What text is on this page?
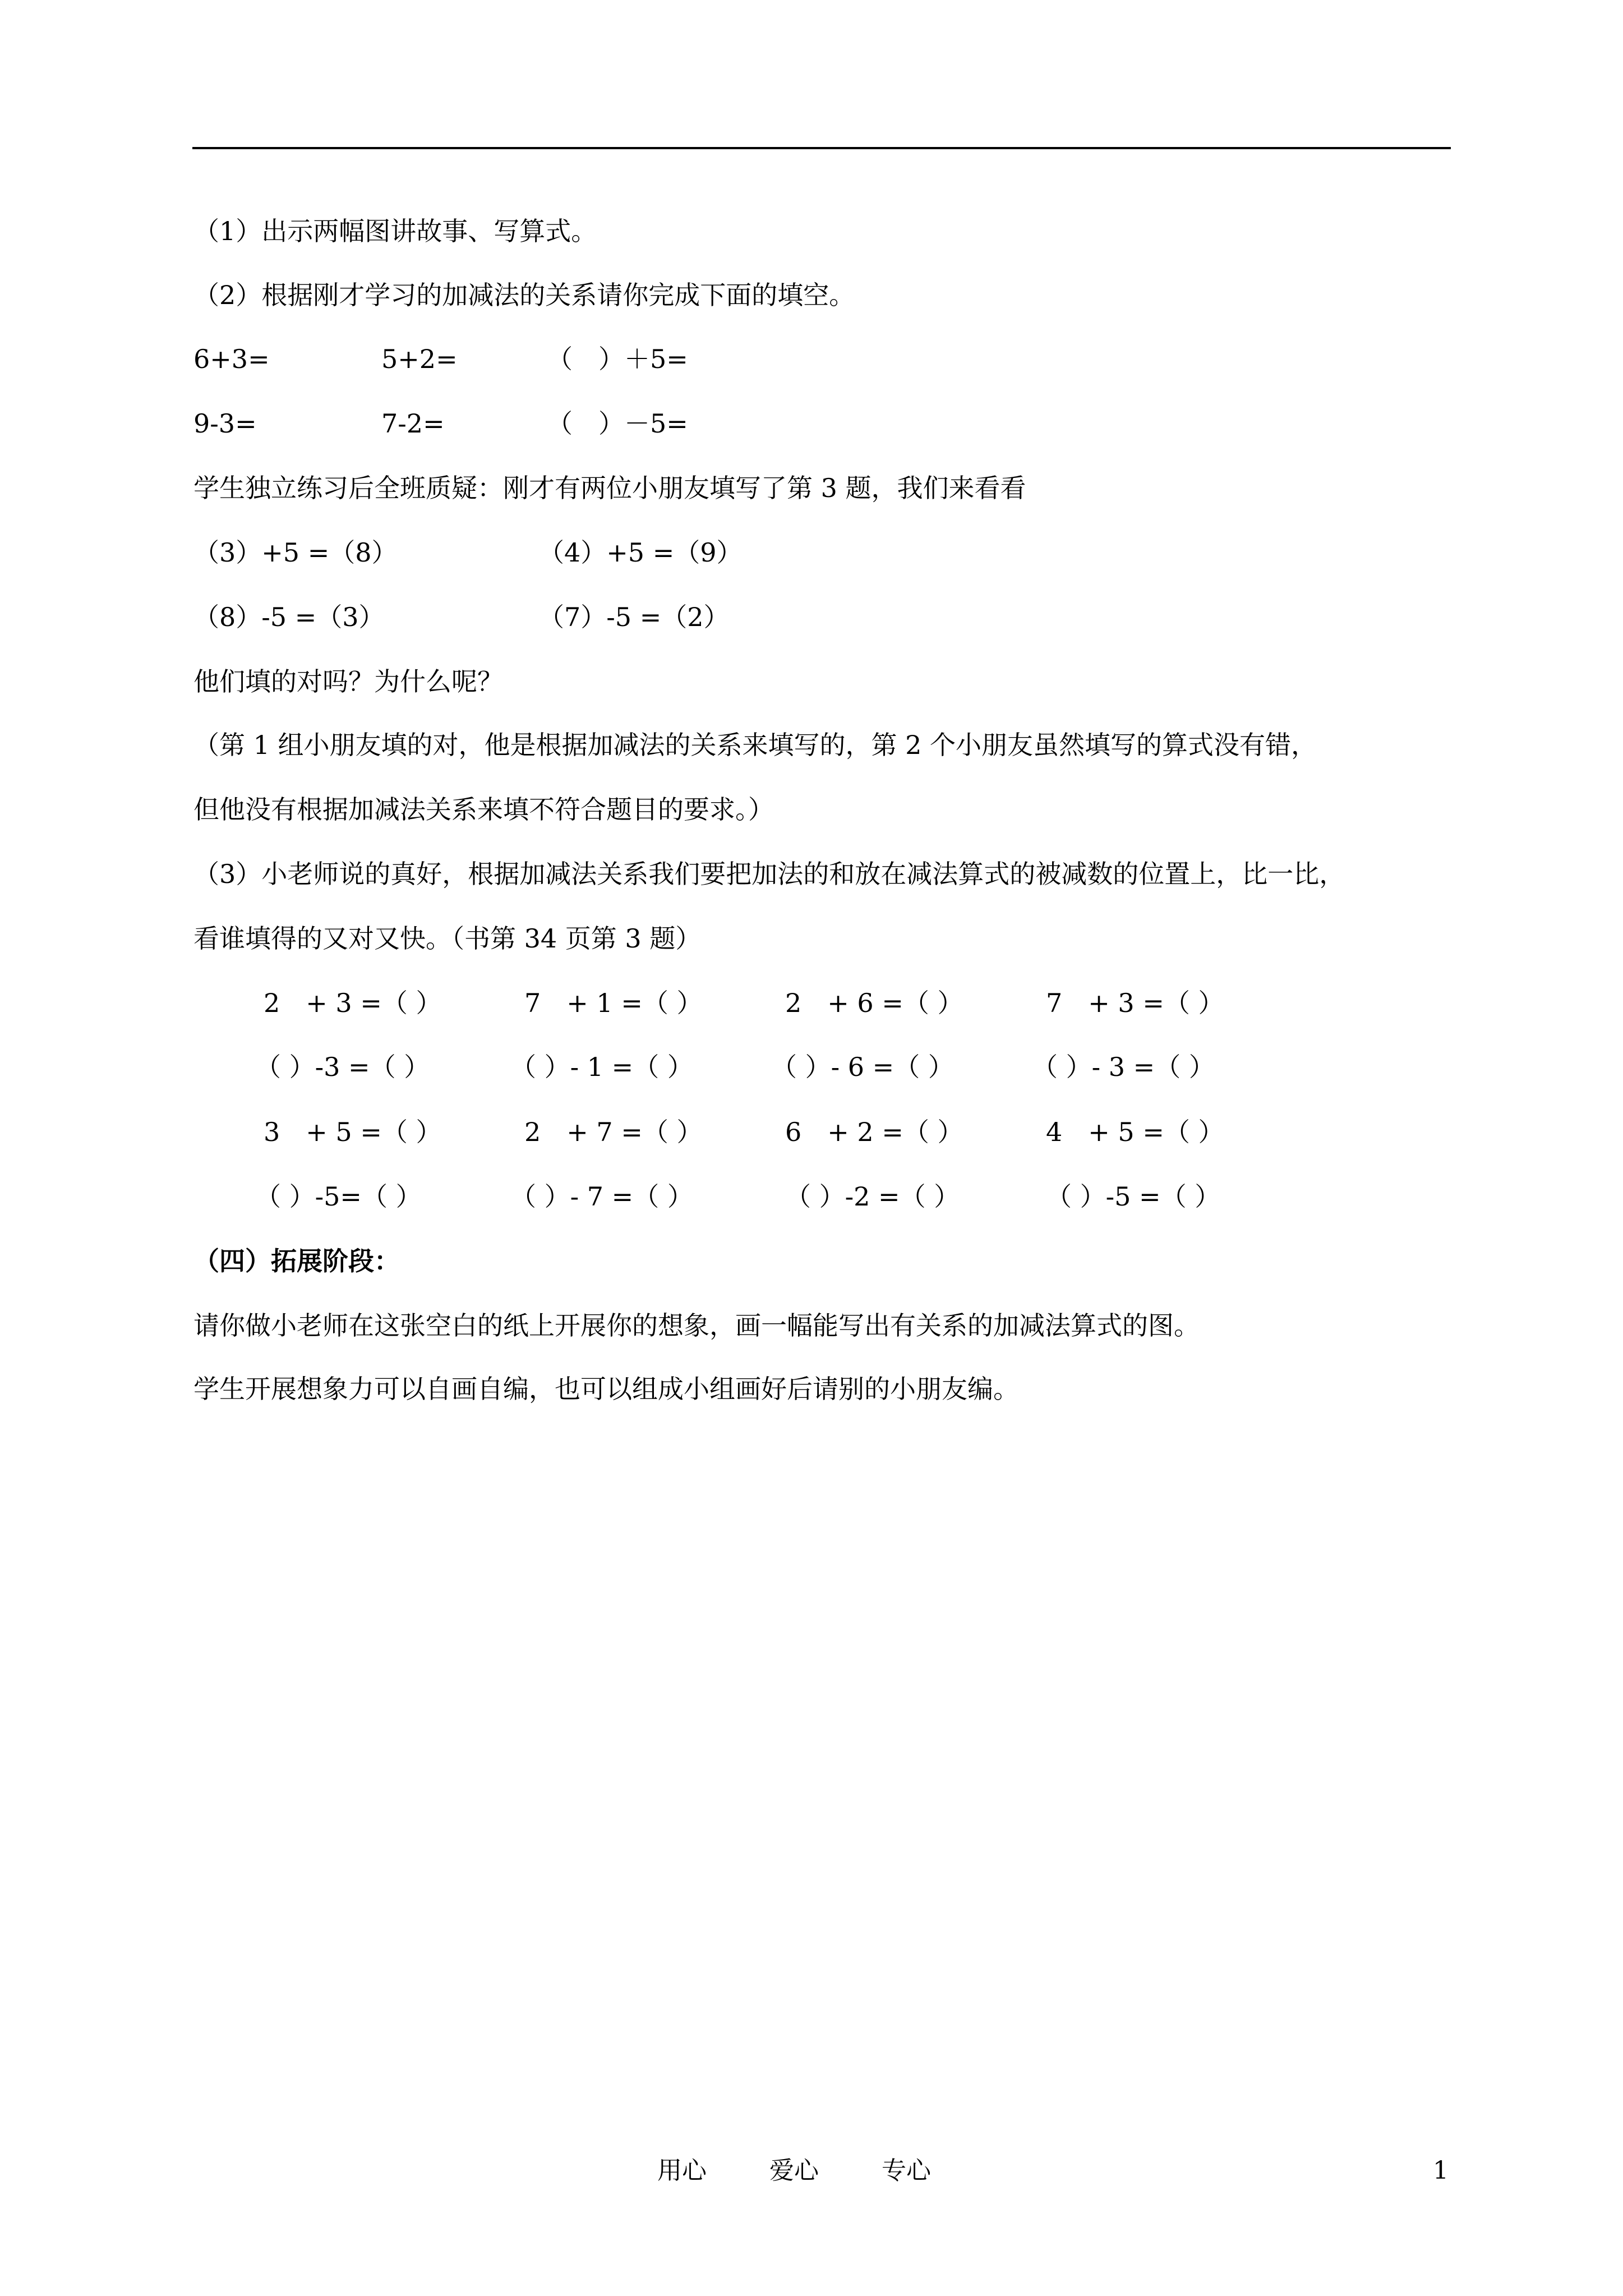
（1）出示两幅图讲故事、写算式。
（2）根据刚才学习的加减法的关系请你完成下面的填空。
6+3=	5+2=	（　）＋5=
9-3=	7-2=	（　）－5=
学生独立练习后全班质疑：刚才有两位小朋友填写了第 3 题，我们来看看
（3）+5 =（8）	（4）+5 =（9）
（8）-5 =（3）	（7）-5 =（2）
他们填的对吗？为什么呢？
（第 1 组小朋友填的对，他是根据加减法的关系来填写的，第 2 个小朋友虽然填写的算式没有错，
但他没有根据加减法关系来填不符合题目的要求。）
（3）小老师说的真好，根据加减法关系我们要把加法的和放在减法算式的被减数的位置上，比一比，
看谁填得的又对又快。（书第 34 页第 3 题）
2　+ 3 =（ ）	7　+ 1 =（ ）	2　+ 6 =（ ）	7　+ 3 =（ ）
（ ）-3 =（ ）	（ ）- 1 =（ ）	（ ）- 6 =（ ）	（ ）- 3 =（ ）
3　+ 5 =（ ）	2　+ 7 =（ ）	6　+ 2 =（ ）	4　+ 5 =（ ）
（ ）-5=（ ）	（ ）- 7 =（ ）	（ ）-2 =（ ）	（ ）-5 =（ ）
（四）拓展阶段：
请你做小老师在这张空白的纸上开展你的想象，画一幅能写出有关系的加减法算式的图。
学生开展想象力可以自画自编，也可以组成小组画好后请别的小朋友编。
用心	爱心	专心	1
